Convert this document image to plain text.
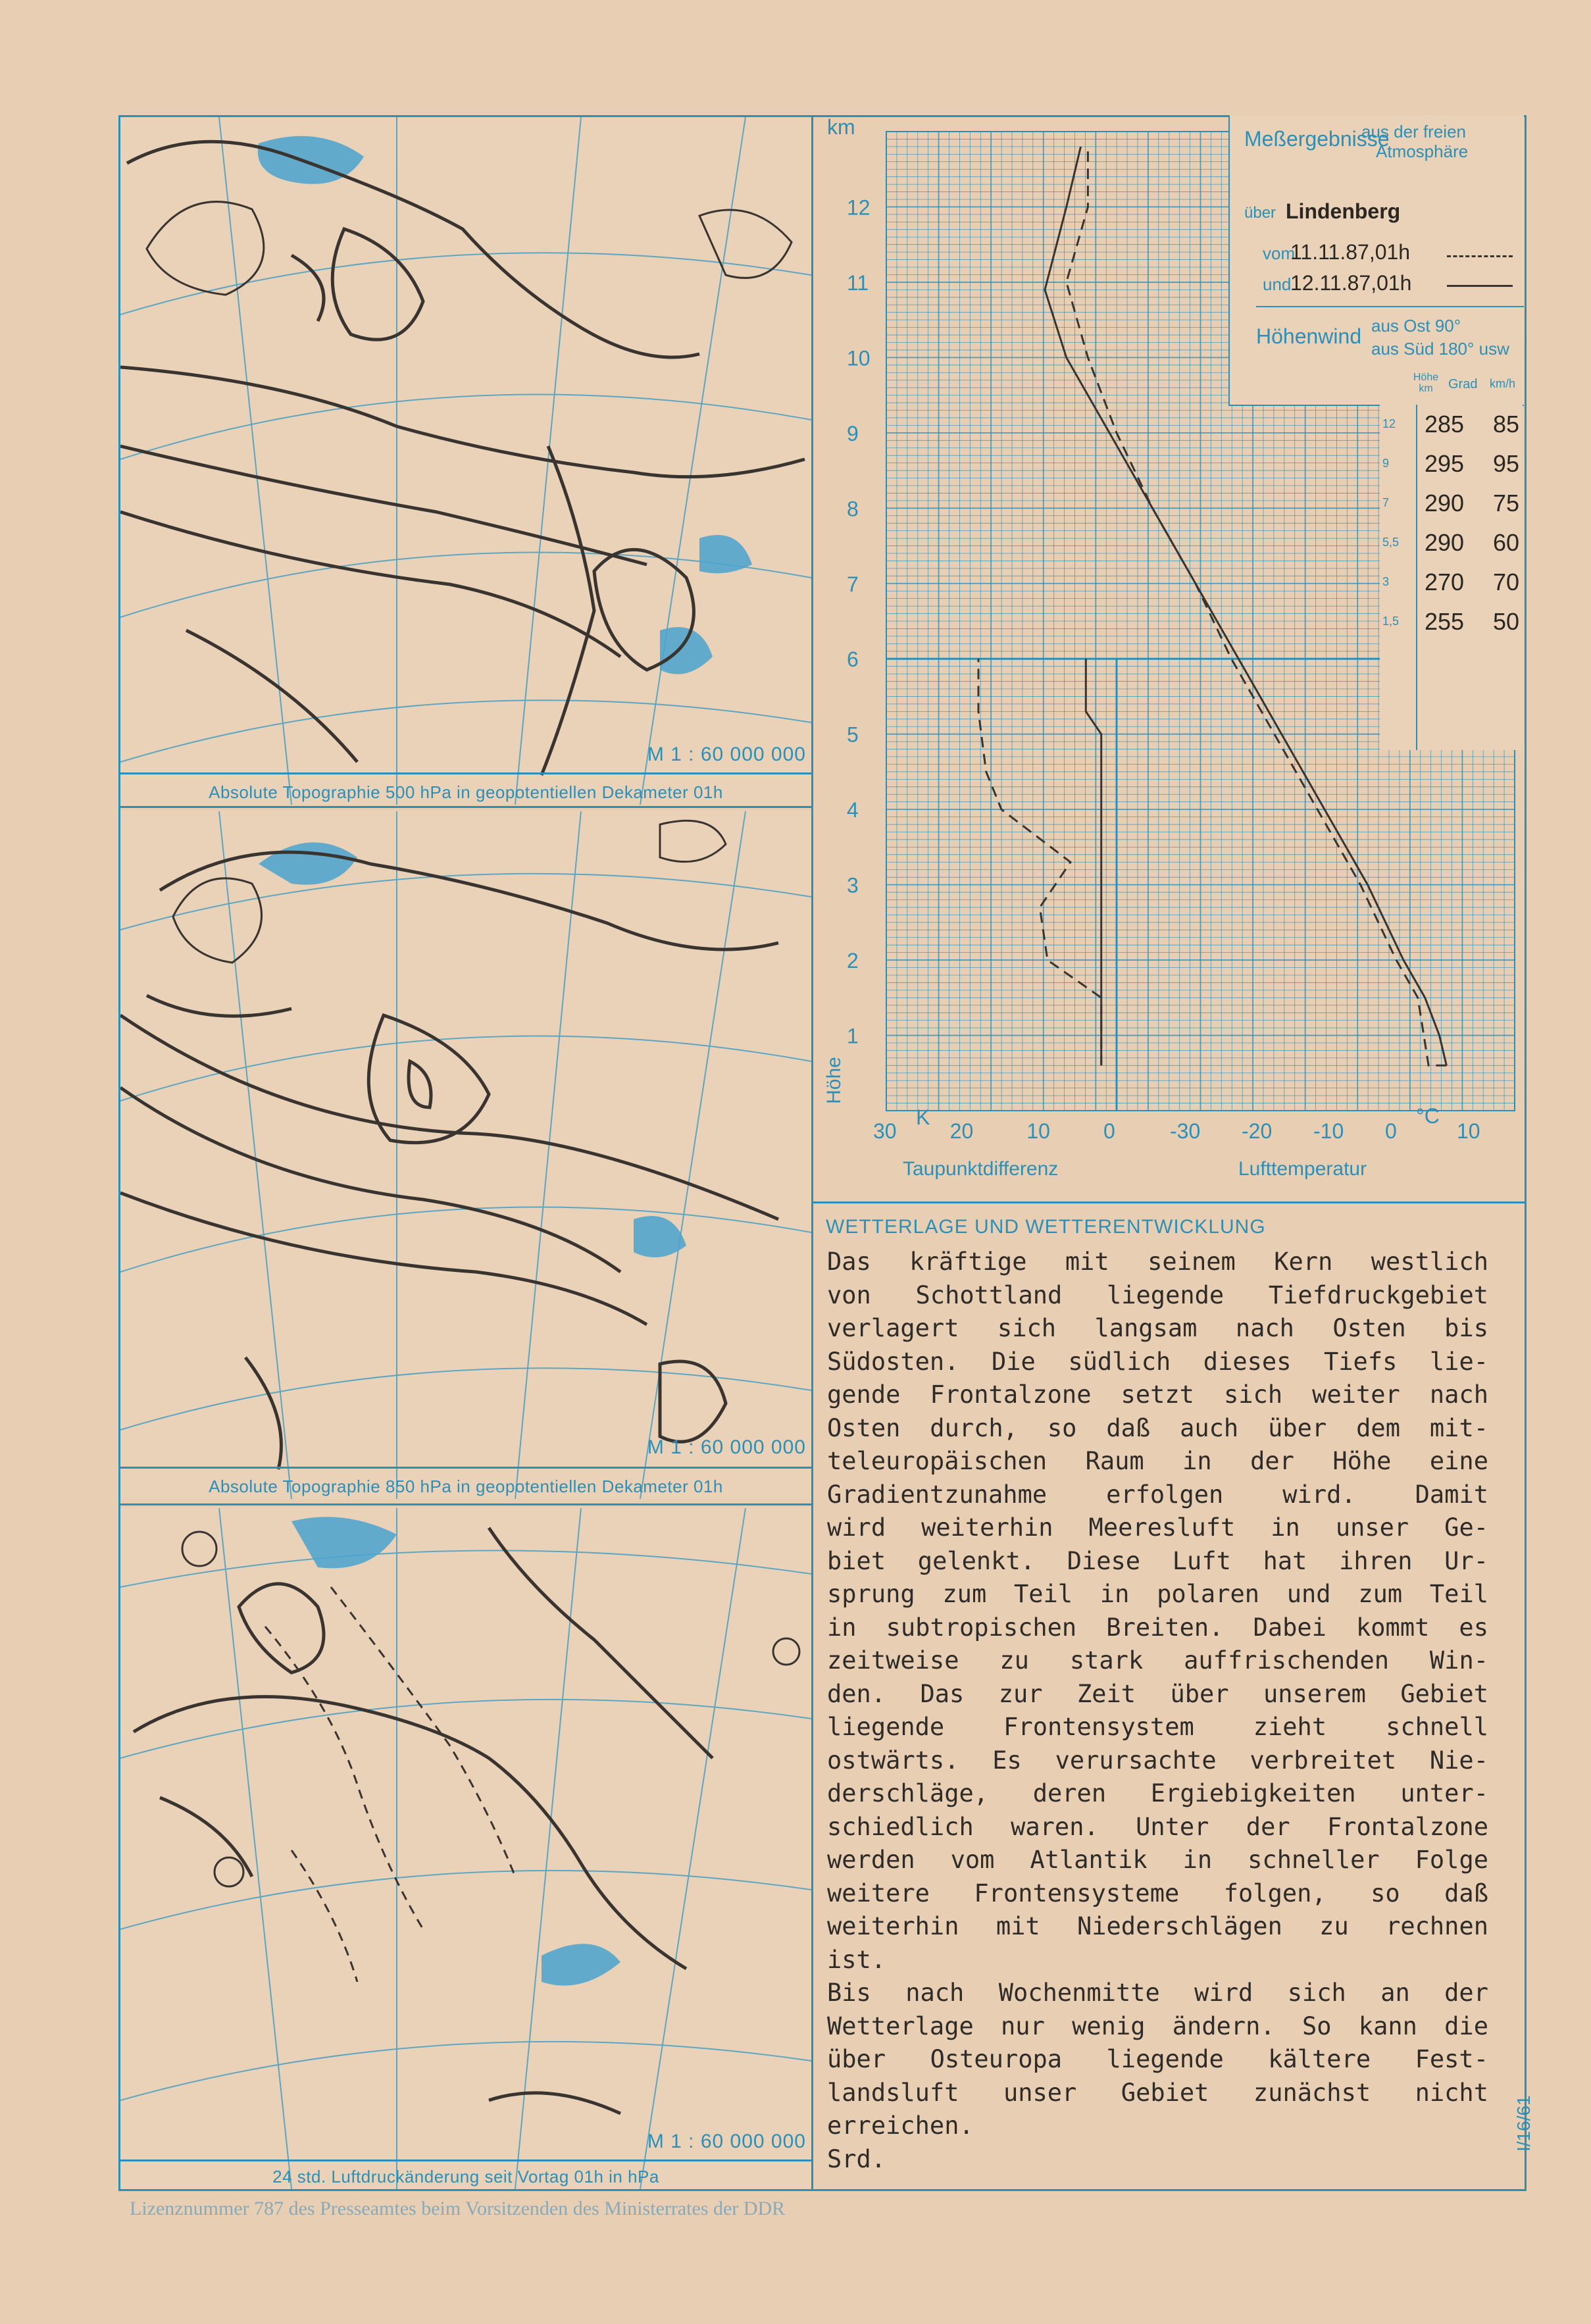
M 1 : 60 000 000
Absolute Topographie 500 hPa in geopotentiellen Dekameter 01h
M 1 : 60 000 000
Absolute Topographie 850 hPa in geopotentiellen Dekameter 01h
M 1 : 60 000 000
24 std. Luftdruckänderung seit Vortag 01h in hPa
1
2
3
4
5
6
7
8
9
10
11
12
30	20	10	0	-30 -20 -10 0	10
Meßergebnisse
aus der freien
Atmosphäre
über Lindenberg
vom
11.11.87,01h
und
12.11.87,01h
Höhenwind aus Ost 90°
aus Süd 180° usw
Höhe km	Grad km/h
12 285 85
9 295 95
7 290 75
5,5 290 60
3 270 70
1,5 255 50
km
Höhe
K	°C
Taupunktdifferenz	Lufttemperatur
WETTERLAGE UND WETTERENTWICKLUNG

Das kräftige mit seinem Kern westlich

von Schottland liegende Tiefdruckgebiet

verlagert sich langsam nach Osten bis

Südosten. Die südlich dieses Tiefs lie-

gende Frontalzone setzt sich weiter nach

Osten durch, so daß auch über dem mit-

teleuropäischen Raum in der Höhe eine

Gradientzunahme erfolgen wird. Damit

wird weiterhin Meeresluft in unser Ge-

biet gelenkt. Diese Luft hat ihren Ur-

sprung zum Teil in polaren und zum Teil

in subtropischen Breiten. Dabei kommt es

zeitweise zu stark auffrischenden Win-

den. Das zur Zeit über unserem Gebiet

liegende Frontensystem zieht schnell

ostwärts. Es verursachte verbreitet Nie-

derschläge, deren Ergiebigkeiten unter-

schiedlich waren. Unter der Frontalzone

werden vom Atlantik in schneller Folge

weitere Frontensysteme folgen, so daß

weiterhin mit Niederschlägen zu rechnen

ist.

Bis nach Wochenmitte wird sich an der

Wetterlage nur wenig ändern. So kann die

über Osteuropa liegende kältere Fest-

landsluft unser Gebiet zunächst nicht

erreichen.

Srd.

Lizenznummer 787 des Presseamtes beim Vorsitzenden des Ministerrates der DDR
I/16/61
